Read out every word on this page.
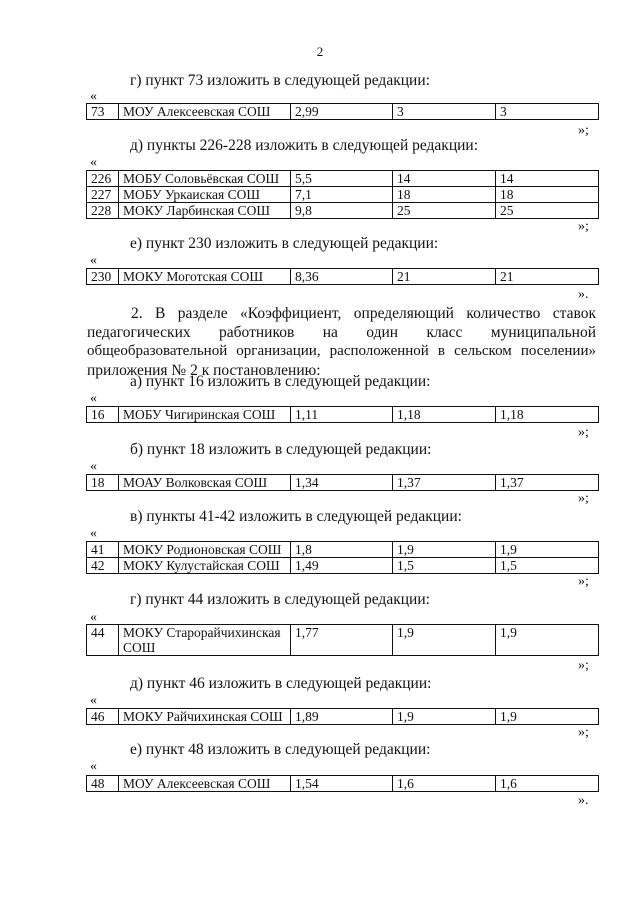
2
г) пункт 73 изложить в следующей редакции:
«
73	МОУ Алексеевская СОШ	2,99	3	3
»;
д) пункты 226-228 изложить в следующей редакции:
«
226	МОБУ Соловьёвская СОШ	5,5	14	14
227	МОБУ Уркаиская СОШ	7,1	18	18
228	МОКУ Ларбинская СОШ	9,8	25	25
»;
е) пункт 230 изложить в следующей редакции:
«
230	МОКУ Моготская СОШ	8,36	21	21
».
2. В разделе «Коэффициент, определяющий количество ставок
педагогических работников на один класс муниципальной
общеобразовательной организации, расположенной в сельском поселении»
приложения № 2 к постановлению:
а) пункт 16 изложить в следующей редакции:
«
16	МОБУ Чигиринская СОШ	1,11	1,18	1,18
»;
б) пункт 18 изложить в следующей редакции:
«
18	МОАУ Волковская СОШ	1,34	1,37	1,37
»;
в) пункты 41-42 изложить в следующей редакции:
«
41	МОКУ Родионовская СОШ	1,8	1,9	1,9
42	МОКУ Кулустайская СОШ	1,49	1,5	1,5
»;
г) пункт 44 изложить в следующей редакции:
«
44	МОКУ Старорайчихинская СОШ	1,77	1,9	1,9
»;
д) пункт 46 изложить в следующей редакции:
«
46	МОКУ Райчихинская СОШ	1,89	1,9	1,9
»;
е) пункт 48 изложить в следующей редакции:
«
48	МОУ Алексеевская СОШ	1,54	1,6	1,6
».
